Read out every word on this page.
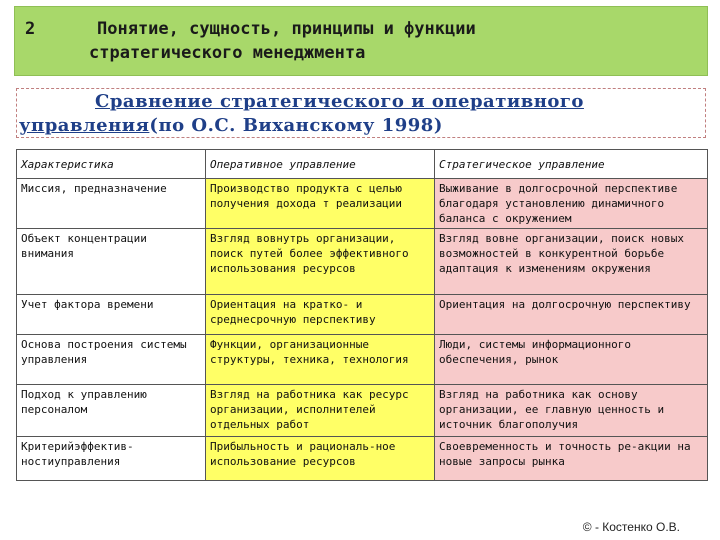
2	Понятие, сущность, принципы и функции
стратегического менеджмента
Сравнение стратегического и оперативного
управления(по О.С. Виханскому 1998)
Характеристика	Оперативное управление	Стратегическое управление
Миссия, предназначение	Производство продукта с целью получения дохода т реализации	Выживание в долгосрочной перспективе благодаря установлению динамичного баланса с окружением
Объект концентрации внимания	Взгляд вовнутрь организации, поиск путей более эффективного использования ресурсов	Взгляд вовне организации, поиск новых возможностей в конкурентной борьбе адаптация к изменениям окружения
Учет фактора времени	Ориентация на кратко- и среднесрочную перспективу	Ориентация на долгосрочную перспективу
Основа построения системы управления	Функции, организационные структуры, техника, технология	Люди, системы информационного обеспечения, рынок
Подход к управлению персоналом	Взгляд на работника как ресурс организации, исполнителей отдельных работ	Взгляд на работника как основу организации, ее главную ценность и источник благополучия
Критерийэффектив-ностиуправления	Прибыльность и рациональ-ное использование ресурсов	Своевременность и точность ре-акции на новые запросы рынка
© - Костенко О.В.
